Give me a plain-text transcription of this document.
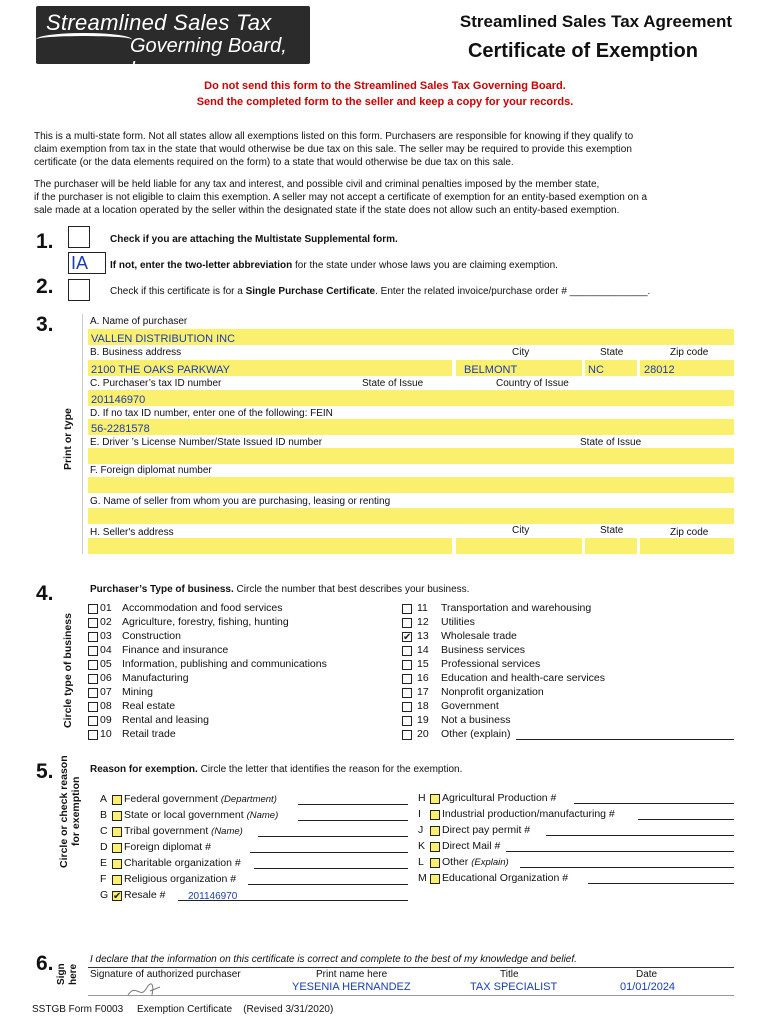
Streamlined Sales Tax
Governing Board, Inc.
Streamlined Sales Tax Agreement
Certificate of Exemption
Do not send this form to the Streamlined Sales Tax Governing Board.
Send the completed form to the seller and keep a copy for your records.
This is a multi-state form. Not all states allow all exemptions listed on this form. Purchasers are responsible for knowing if they qualify to
claim exemption from tax in the state that would otherwise be due tax on this sale. The seller may be required to provide this exemption
certificate (or the data elements required on the form) to a state that would otherwise be due tax on this sale.
The purchaser will be held liable for any tax and interest, and possible civil and criminal penalties imposed by the member state,
if the purchaser is not eligible to claim this exemption. A seller may not accept a certificate of exemption for an entity-based exemption on a
sale made at a location operated by the seller within the designated state if the state does not allow such an entity-based exemption.
1.	Check if you are attaching the Multistate Supplemental form.
IA	If not, enter the two-letter abbreviation for the state under whose laws you are claiming exemption.
2.	Check if this certificate is for a Single Purchase Certificate. Enter the related invoice/purchase order # ______________.
3.
Print or type
A. Name of purchaser
VALLEN DISTRIBUTION INC
B. Business address	City	State	Zip code
2100 THE OAKS PARKWAY	BELMONT	NC	28012
C. Purchaser’s tax ID number	State of Issue	Country of Issue
201146970
D. If no tax ID number, enter one of the following: FEIN
56-2281578
E. Driver ’s License Number/State Issued ID number	State of Issue
F. Foreign diplomat number
G. Name of seller from whom you are purchasing, leasing or renting
H. Seller's address	City	State	Zip code
4.
Circle type of business
Purchaser’s Type of business. Circle the number that best describes your business.
01 Accommodation and food services
02 Agriculture, forestry, fishing, hunting
03 Construction
04 Finance and insurance
05 Information, publishing and communications
06 Manufacturing
07 Mining
08 Real estate
09 Rental and leasing
10 Retail trade
11 Transportation and warehousing
12 Utilities
✔ 13 Wholesale trade
14 Business services
15 Professional services
16 Education and health-care services
17 Nonprofit organization
18 Government
19 Not a business
20 Other (explain)
5. Circle or check reason for exemption
Reason for exemption. Circle the letter that identifies the reason for the exemption.
A Federal government (Department)
B State or local government (Name)
C Tribal government (Name)
D Foreign diplomat #
E Charitable organization #
F Religious organization #
G ✔ Resale #
H Agricultural Production #
I Industrial production/manufacturing #
J Direct pay permit #
K Direct Mail #
L Other (Explain)
M Educational Organization #
201146970
6. Sign here
I declare that the information on this certificate is correct and complete to the best of my knowledge and belief.
Signature of authorized purchaser	Print name here
YESENIA HERNANDEZ
Title
TAX SPECIALIST
Date
01/01/2024
SSTGB Form F0003 Exemption Certificate (Revised 3/31/2020)
